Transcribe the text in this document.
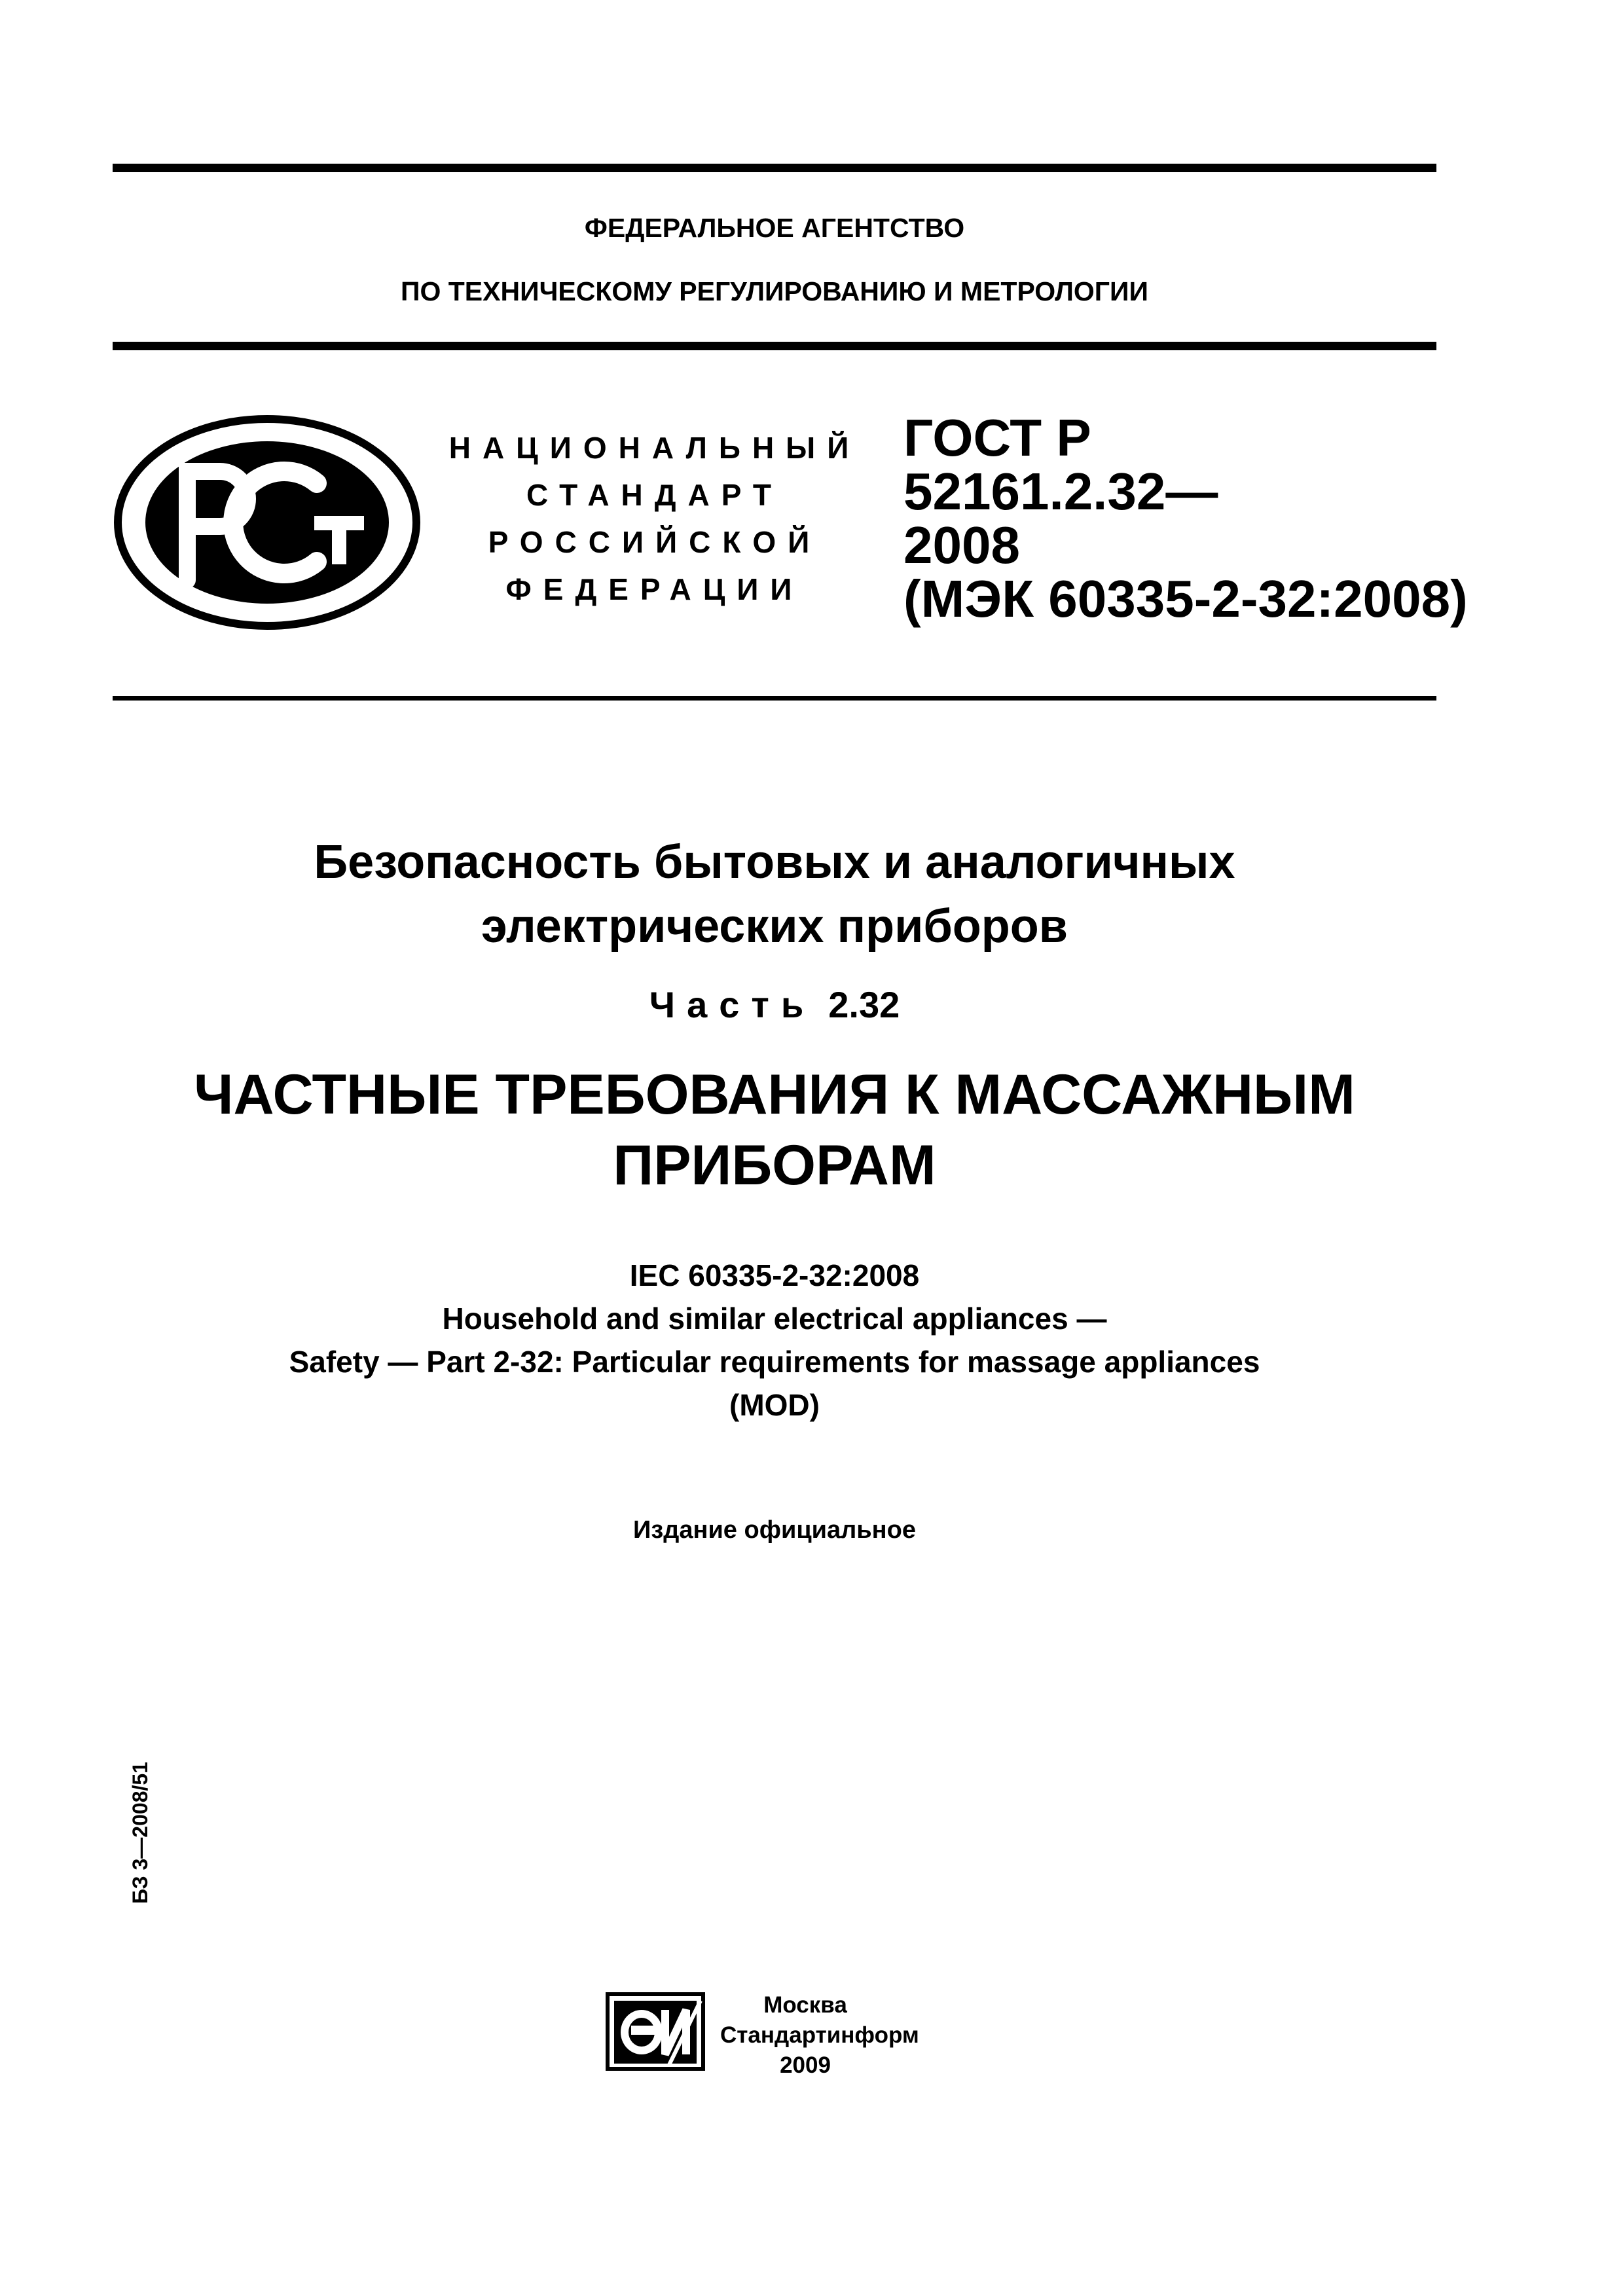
ФЕДЕРАЛЬНОЕ АГЕНТСТВО
ПО ТЕХНИЧЕСКОМУ РЕГУЛИРОВАНИЮ И МЕТРОЛОГИИ
НАЦИОНАЛЬНЫЙ
СТАНДАРТ
РОССИЙСКОЙ
ФЕДЕРАЦИИ
ГОСТ Р
52161.2.32—
2008
(МЭК 60335-2-32:2008)
Безопасность бытовых и аналогичных
электрических приборов
Часть 2.32
ЧАСТНЫЕ ТРЕБОВАНИЯ К МАССАЖНЫМ
ПРИБОРАМ
IEC 60335-2-32:2008
Household and similar electrical appliances —
Safety — Part 2-32: Particular requirements for massage appliances
(MOD)
Издание официальное
БЗ 3—2008/51
Москва
Стандартинформ
2009
